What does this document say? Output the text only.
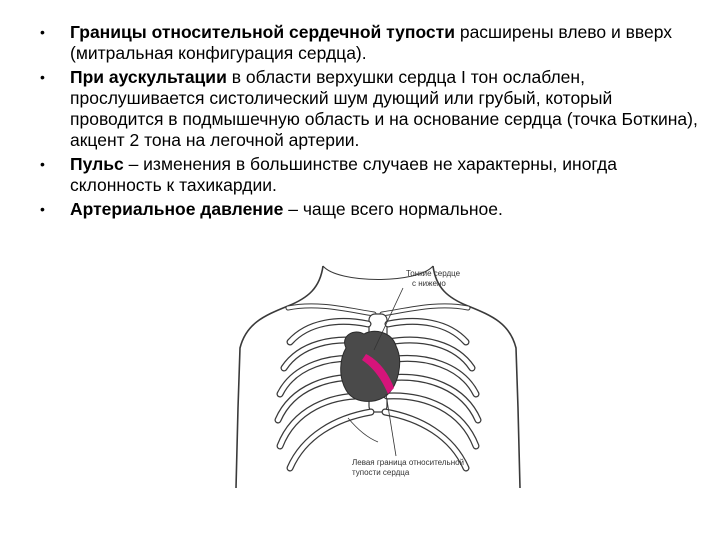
•	Границы относительной сердечной тупости расширены влево и вверх (митральная конфигурация сердца).
•	При аускультации в области верхушки сердца I тон ослаблен, прослушивается систолический шум дующий или грубый, который проводится в подмышечную область и на основание сердца (точка Боткина), акцент 2 тона на легочной артерии.
•	Пульс – изменения в большинстве случаев не характерны, иногда склонность к тахикардии.
•	Артериальное давление – чаще всего нормальное.
Тонкие сердце
с нижено
Левая граница относительной
тупости сердца
